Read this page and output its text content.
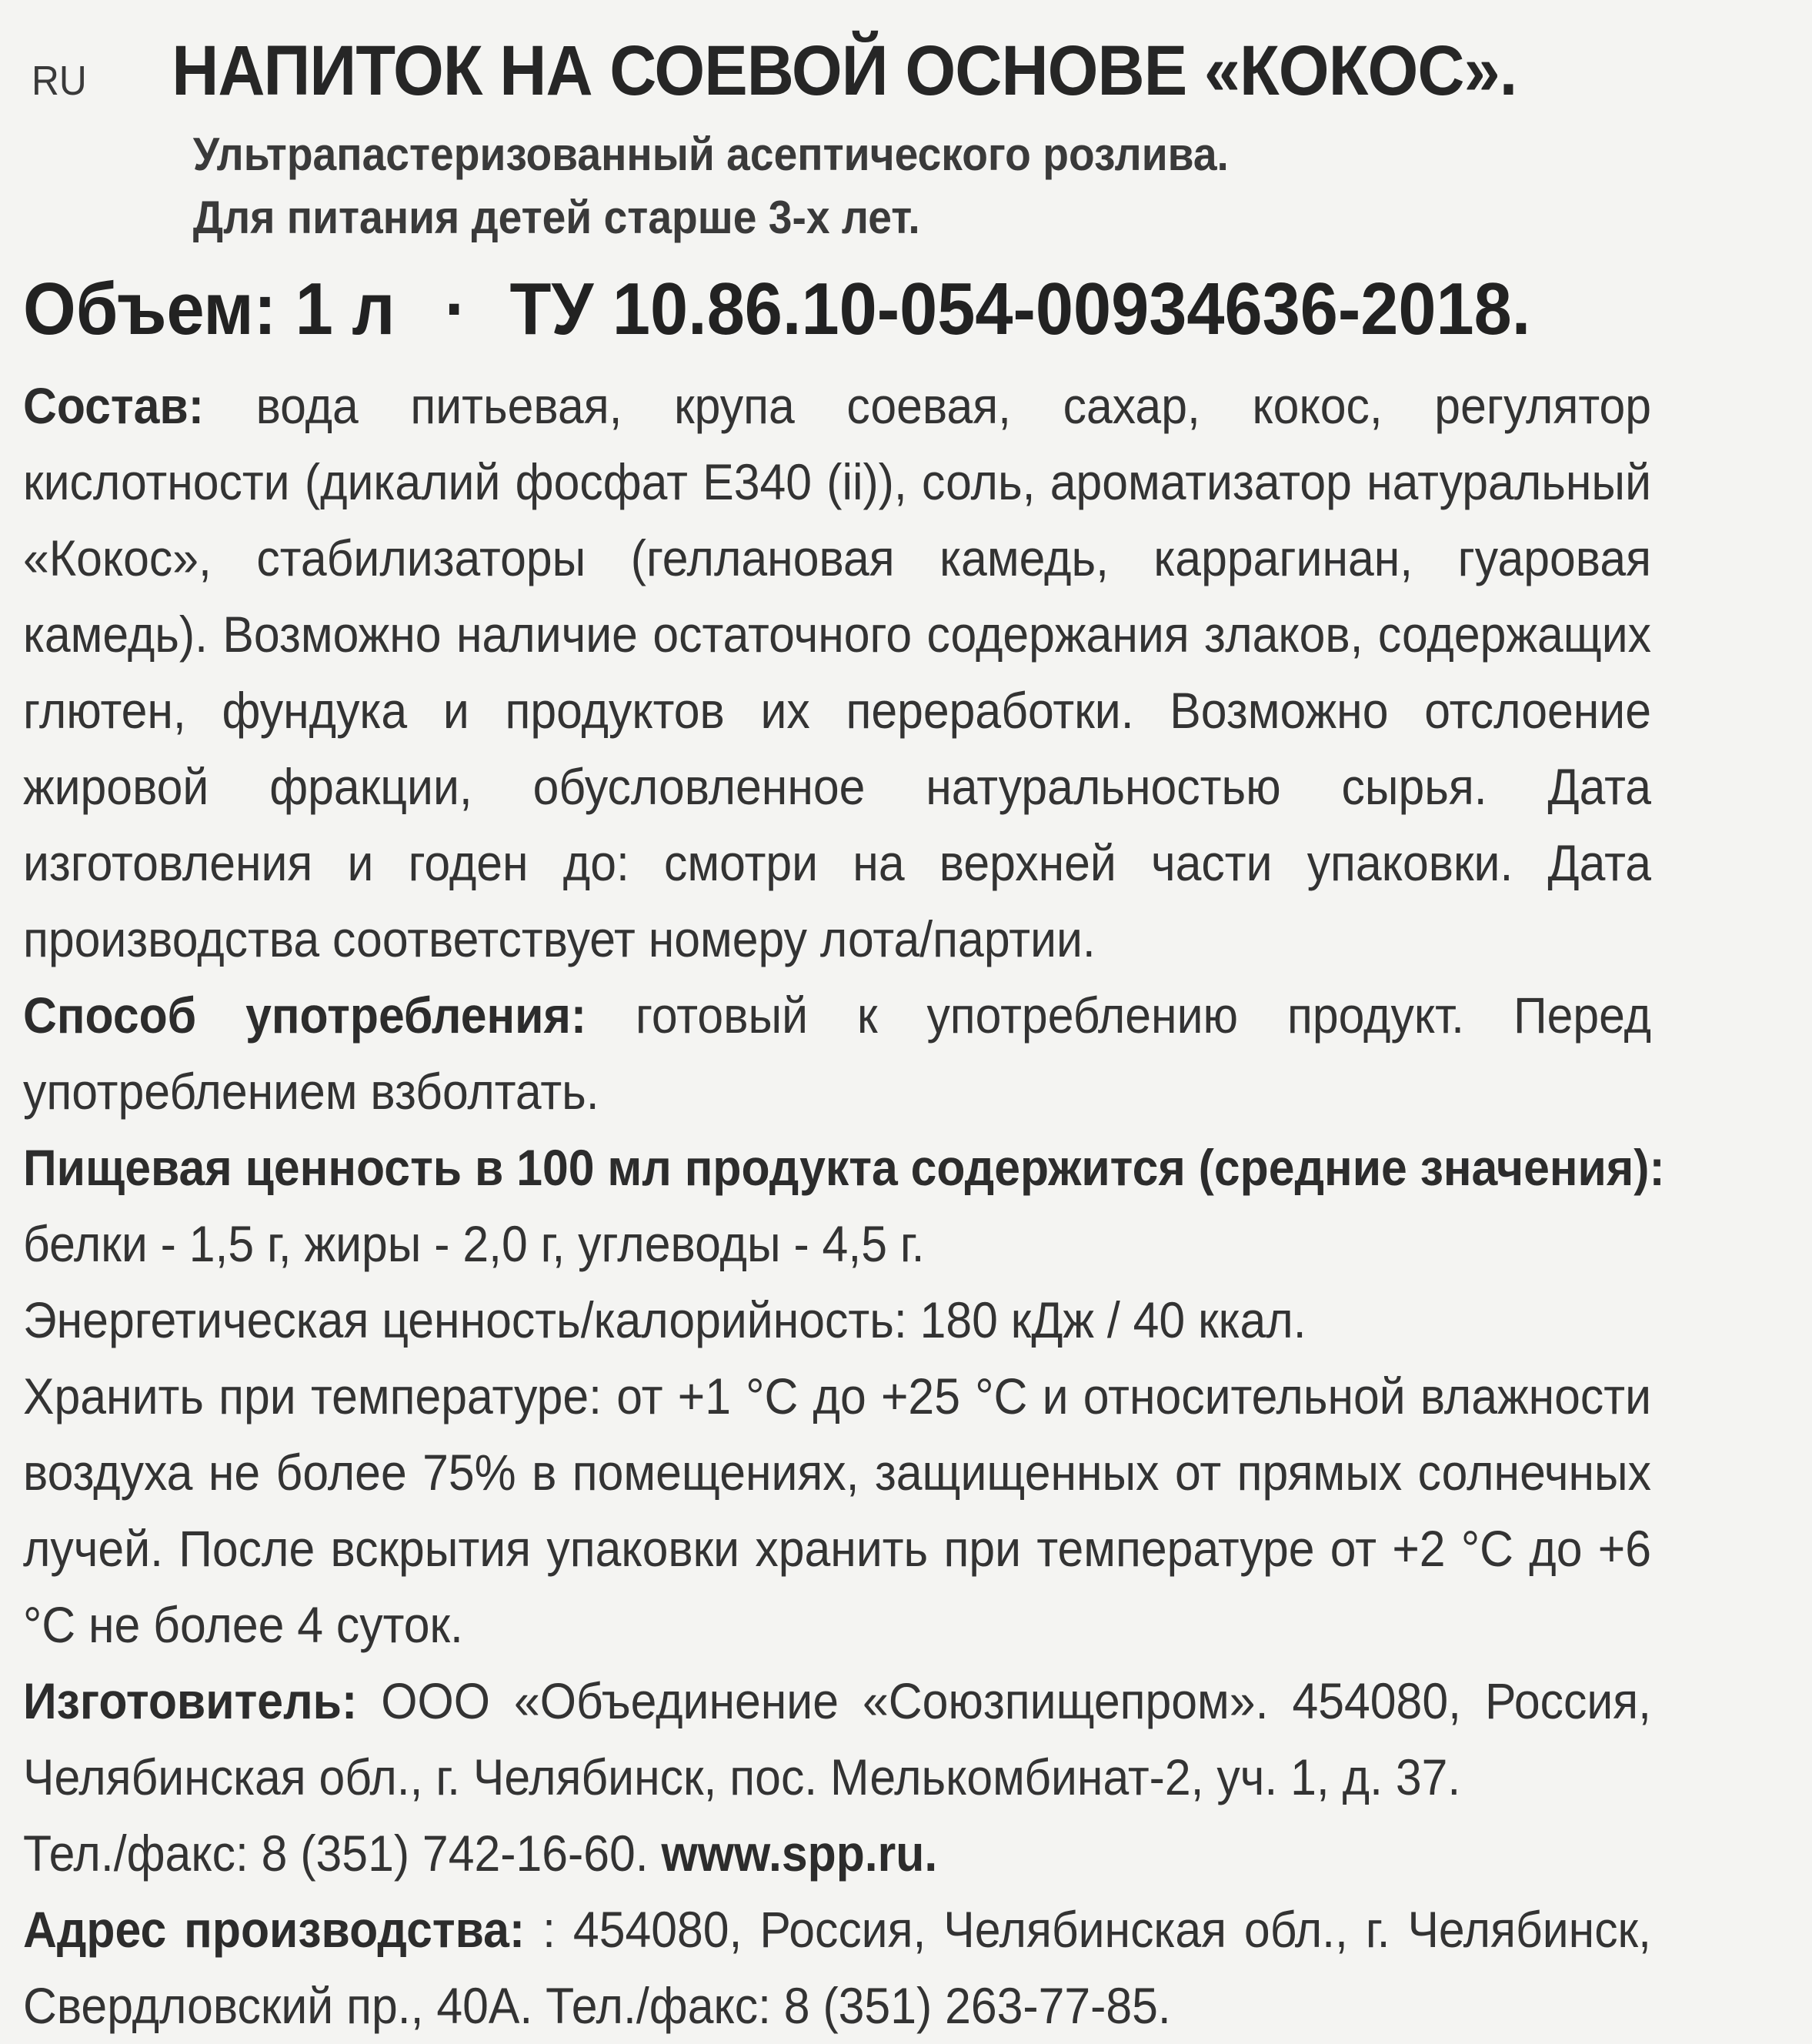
RU НАПИТОК НА СОЕВОЙ ОСНОВЕ «КОКОС».
Ультрапастеризованный асептического розлива.
Для питания детей старше 3-х лет.
Объем: 1 л · ТУ 10.86.10-054-00934636-2018.

Состав: вода питьевая, крупа соевая, сахар, кокос, регулятор кислотности (дикалий фосфат Е340 (ii)), соль, ароматизатор натуральный «Кокос», стабилизаторы (геллановая камедь, каррагинан, гуаровая камедь). Возможно наличие остаточного содержания злаков, содержащих глютен, фундука и продуктов их переработки. Возможно отслоение жировой фракции, обусловленное натуральностью сырья. Дата изготовления и годен до: смотри на верхней части упаковки. Дата производства соответствует номеру лота/партии.

Способ употребления: готовый к употреблению продукт. Перед употреблением взболтать.

Пищевая ценность в 100 мл продукта содержится (средние значения):

белки - 1,5 г, жиры - 2,0 г, углеводы - 4,5 г.

Энергетическая ценность/калорийность: 180 кДж / 40 ккал.

Хранить при температуре: от +1 °С до +25 °С и относительной влажности воздуха не более 75% в помещениях, защищенных от прямых солнечных лучей. После вскрытия упаковки хранить при температуре от +2 °С до +6 °С не более 4 суток.

Изготовитель: ООО «Объединение «Союзпищепром». 454080, Россия, Челябинская обл., г. Челябинск, пос. Мелькомбинат-2, уч. 1, д. 37.

Тел./факс: 8 (351) 742-16-60. www.spp.ru.

Адрес производства: : 454080, Россия, Челябинская обл., г. Челябинск, Свердловский пр., 40А. Тел./факс: 8 (351) 263-77-85.
